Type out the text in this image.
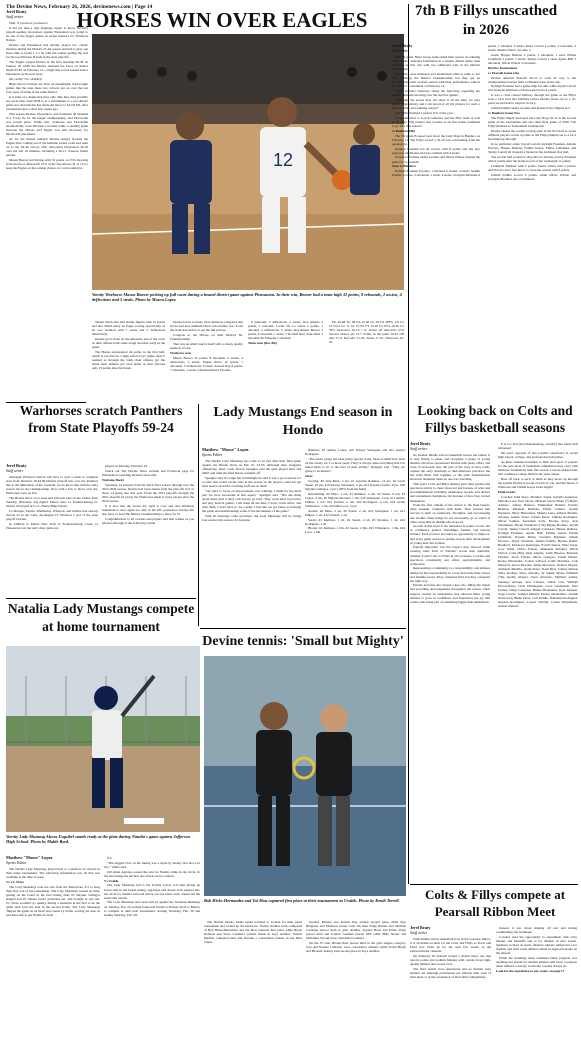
The Devine News, February 26, 2026, devinenews.com | Page 14
HORSES WIN OVER EAGLES
Jerel Beaty
Staff writer

Well, if you know you know!

It did not take a sign language expert to know Devine's playoff-seeding showdown against Pleasanton was going to be one of the bigger games in recent memory for Warhorse Nation.

Devine and Pleasanton had already played two classic matches during the District 27-4A season and had to play one more time to break a 1-1 tie with the winner getting the nod for the top Division II team in the state playoffs.

The Eagles topped Devine in the first matchup 60-58 on January 20 while the Horses returned the favor on Senior Night 63-63 on February 13, a night that crowd treated senior Pleasanton as the next level.

Oh, really? No, oh Riley!

High school rivalries are born on meaningful, hard-fought games like the ones these two schools put on over the last four years of being in the same district.

It is kind of a shame that they only time they may possibly see each other until 2028 is at a tournament or a pre-district game now that Devine has made the move to 3A DI UIL after releasement just a short few weeks ago.

This season Devine, Pleasanton, and Somerset all finished in a 3-way tie for the league championship, and Floresville was fourth place. While that, Somerset and Floresville automatically went Division I bracket while a seeding game between the Horses and Eagles was still necessary for Division II placement.

As for the heated rematch Devine simply flocked the Eagles after coming out of the halftime locker room and went on to the 63-46 victory after outscoring Pleasanton 36-19 over the last 16 minutes, including a 26-11 closeout fourth quarter.

Mason Beaver led Devine with 32 points on 55% shooting from the floor. Mason hit 75% of his free throws (9 of 12) to keep the Eagles on the outside chance of a win looking in.	12
Varsity Warhorse Mason Beaver picking up full court during a heated district game against Pleasanton. In their win, Beaver had a team high 32 points, 8 rebounds, 2 assists, 4 deflections and 3 steals. Photo by Mason Lopez.

Tanner Davis also had double figures with 12 points and also killed many an Eagle scoring opportunity as he was credited with 7 steals and 5 deflections defensively.

Devine got it done on the defensive end of the court as their offense built some tough stretches early in the game.

The Horses surrendered 24 points in the first half, which is not bad for a high school boys' game, then it seemed as through the battle their offense got the better their defense got even better as they allowed only 19 points after the break.

Devine led in so many vital statistical categories that shows just how dominant their win actually was. Scout the team stats below to get the full picture.

Congrats to the Horses on their District 30-Championship!

That was no small task in itself with so many quality teams in 27-4A.

Warhorse stats

Mason Beaver 32 points, 8 rebounds, 2 assists, 4 deflections, 3 steals, Tanner Davis 12 points, 7 rebounds, 5 deflections, 9 steals, Kasson Ray 8 points, 7 rebounds, 1 assist, Christian Rivera 8 points,

6 rebounds, 2 deflections, 2 steals; Jace Alegria 2 points, 1 rebound; Cordis De La Garza 2 points, 1 rebound, 2 deflections, 5 steals; Rey'Annon Beaver 2 points, 2 rebounds, 1 assist, 1 blocked shot; Zane Ortiz 1 rebound; Bo Wheeler 1 rebound.

Team stats (Dev-Ple)

FG 26-68 for 38.2%-15-38 for 39.5% 3PFG 1-8 for 12.5%-3 for 11 for 27.3% FT 13-20 for 65%-10-20 for 50% Turnovers 10-19 = 9; Points off turnovers 27-6 Second chance pts 15-7 Points in the paint 50-22 Off rebs 17-9, Def rebs 15-26, Steals 17-10, Turnovers 10-20.

7th B Fillys unscathed
in 2026
Jerel Beaty
Staff writer

The 7th grade Fillys hoops team ended their season on winning notes as they defeated Jourdanton in a regular district game, then followed up that win with two additional wins in the District Tournament.

The Fillys were unbeaten and undefeated when it came to not only claiming the District Championship, but they got an exclamation point on their season with their performance with in the District Tournament on February 14.

Coach Isabella Gutierrez stated the following regarding her team's dominant showing over the last few games:

"Although the scores may not show it all the time, we play games aggressively and I am proud of all my players for such a hard-working and winning season!"

The Fillys finished a perfect 8-0 on the year.

Congratulations to Coach Gutierrez and her Filly team as well as all other Filly players and coaches as all four teams combined to go 39-1 this season!

vs Bandera Filly

The 7th grade B squad took down the Lady Dogs in Bandera on February 11. The Fillys scored a 32-10 win, rebounding from the opening tip.

Kyleigh Freeman led all scorers with 8 points and she also played good defense and was credited with 4 steals.

Jacelynn Martinez added 6 points and Olivia Wilson cleaned the glass for 5 rebounds.

Stats vs Bandera

Kyleigh Freeman 8 points, 1 rebound, 2 assists, 4 steals; Jazmin Padilla 3 points, 2 rebounds, 1 assist, 4 steals; Jacelynn Martinez 6 points, 1 rebound, 3 steals; Kiera Carroll 4 points, 3 rebounds, 2 steals; Amalia Nuevo 4 points, 2

steals; Harper DeRose 2 points, 3 rebounds, 1 steal; Emma Littlefield 2 points, 2 steals; Tenley Carroll 1 steal; Ayslie Ball 2 rebounds; Olivia Wilson 5 rebounds.

District Tournament

vs Pearsall Game One

Devine defeated Pearsall 26-12 to work its way to the championship bracket final vs Bandera later in the day.

Kyleigh Freeman had a game-high 8 points while Kyrah Carroll and Jacelynn Martinez each knocked down 6 points.

It was a close contest halfway through the game as the Fillys took a 10-6 lead into halftime before Devine broke out to a 16-point second half to reign in victory.

Jazmin Padilla added 4 points and Kassie Pena chipped in 2.

vs Bandera Game Two

The Fillys simply destroyed the Lady Dogs 32-11 in the second game of the tournament and also their final game of 2026. The Fillys finished as Tournament Champions!

Devine shared the wealth scoring-wise in the first half as seven different players scored 2 points as the Fillys jumped out to a 14-3 lead halfway through.

In no particular order, Kyrah Carroll, Kyleigh Freeman, Amalia Navarro, Harper DeRose, Fatima Juarez, Emma Littlefield, and Tenley Carroll all dropped a bucket in the dominant first half.

The second half produced 18 points for Devine, led by Freeman with 9 points after the break as part of her team-high 11 points.

Littlefield finished with 4 points, Juarez ended with 4 points, and Navarro hit a free throw to close her season with 3 points.

Jazmin Padilla scored 2 points, while Olivia Wilson and Jacelynn Martinez also contributed.

Looking back on Colts and Fillys basketball seasons
Jerel Beaty
Staff writer

As another middle school basketball season has ended, it is only fitting to pause and recognize a group of young athletes who have represented Devine with pride, effort, and class. Scoreboards only tell part of the story as they rarely capture the early mornings or mid-afternoon practices, the bus rides filled with laughter, or the quiet determination shown in moments when no one was watching.

This year's Colts and Fillys athletes gave their parents and spectators plenty to cheer about not just because of wins and accomplishments including undefeated records and district and tournament champions, but because of how they carried themselves.

From the first whistle of the season to the final buzzer, these students competed with heart. They learned that success is built on teamwork, discipline, and encouraging one another when things do not necessarily go as which is often, especially in middle school sports.

Growth at this level is not measured in points scored, but in confidence gained, friendships formed, and lessons learned. Each practice provided an opportunity to improve, and every game served as another step in their development as young men and women.

Equally important was the respect they showed while wearing some form of "Devine" across their uniforms, whether it said Colts or Fillys in all occasions. Coaches and spectators consistently saw effort, sportsmanship, and composure.

Representing a community is a responsibility, and athletes embraced that responsibility in a way that made their school and families proud. They competed hard, but they competed the right way.

Parents and fans also played a key role, filling the stands and providing encouragement throughout the season. Their support created an atmosphere that allowed these young athletes to grow in confidence and experience the joy that comes with being part of something bigger than themselves.

It is too bad (and disheartening, actually) that many kids witnessed

the exact opposite of that positive experience in recent high school, college, and professional ball games.

As these students transition to their next sport or prepare for the next level of basketball competition they carry with them the foundations built this season. Lessons learned here will continue to shape them in the years ahead.

Hats off back to each of them as they move up through the system Devine is proud of each of you, and the future of Warhorse and Jazmin hoops looks bright!

Final rosters

Coaches: Kim Stacy, Matthew Saenz, Isabella Gutierrez, Marcelo Leos, Ezra Taylor, Michael Sotelo Filipe (?) Bryler Adriano, Alison Balazos, Emmanuel Bandel, Presley Blanton, Rebekah Bodinne, Emily Cadena, Sophia Espinoza, Riley Hernandez, Makila Luna, Allison Matula-Arteaga, Adalee Perez, Johane Rivas, Lilliana Rodriguez, Oliver Salinas, Savannah Solis, Brooke Stacy, Aria Stentlemen, Brynn Sturdivant (7th) Baylee Bochers, Kyrah Carroll, Tenley Carroll, Abigail Contreras, Harper DeRose, Kyleigh Freeman, Ayslie Hall, Fatima Juarez, Emma Littlefield, Kyrene Mann, Jacelynn Martinez, Amala Navarro, Taylor Newman, Jazmin Padilla, Brynna Rahm-Bradford, Mordecai Rodriguez, Forida Santos, Eliza Tapia, Cory Wells, Olivia Wilson, Makenzie Strickler, Olivia Wilcox Colts (8th) Jalen Alegria, Liam Briseno, Brandon Fancher, Jacob Frazier, Oliver Gongora, Tatum Hebert, Rocky Hernandez, Colton LaFood, Caleb Martinez, Cole Maxwell, Aaron Morales, James Morrison, Jackson Mayne, Armando Murillo, Jaylin Perez, Noah Rios, Johnny Ramon Silva, Rodrigo Silva, Antonio, Ty Stahle, Myles Williams (7th) Jeremy Alegria, Jason Alvarado, Matthew Armas, Santiago Arriaga, Jace Cabrera, Odom Carr, William Elicon-Davis, Chaz Dominguez, Geoe Gloderdale, Ezra Gomez, Diego Gonzalez, Hunter Hernandez, Kyle Johnson, Gage Lawler, Gabriel Madrid, Easton Montellano, Uzziah Nestrovich, Blake Perez, Colt Riddle, Nathaniel Rodriguez, Anyden Rodriguez, Cooper Sinclair, Colten Wiesehulter, Adrian Zamora.

Colts & Fillys compete at Pearsall Ribbon Meet
Jerel Beaty
Staff writer

With middle school basketball now in the rearview mirror, it is all hands-on-deck for the Colts and Fillys as Track and Field now kicks up for the next few weeks on the extracurricular calendar.

On February 20 Pearsall hosted a ribbon meet, one that reports points and podium finishes with certain drops high-quality athletes that scored well.

The final results were announced and no medals were handed out although participants got ribbons after each of their heats or at the conclusion of their field competitions.

Instead, it was about shaking off rust and testing conditioning and technique.

Coaches used the opportunity to experiment with relay lineups and handoffs and to try athletes in new events. Sprinters worked on starts, distance runners settled into race rhythm, and field event athletes dialed in approach marks on the takeoff.

While the standings sheet remained blank progress was anything but absent for student athletes still serve a purpose when utilized correctly, as Devine coaches always do.

Look for the experience to pay count. on page 17

Warhorses scratch Panthers from State Playoffs 59-24
Jerel Beaty
Staff writer

Although Warhorse Nation will have to wait a week or complete stats from Devine's 59-24 Bi-District playoff win over the Panthers due to the limitations of the weekend, we do know that with the early season tip for the championship. Now with a few to move over the, Warhorses were on fire.

The Horses move on to Area and will next take on the winner from Tuesday (February 24) night's Manor New vs Fredericksburg bi-district tilt played at La C. Harris High School.

La Marque, Zapata, Wimberley, Wharton, and Jubilee had already moved on in the Class 4A Region IV Division 2 pod of the state playoff bracket.

In addition to Manor New Tech vs Fredericksburg, Cuero vs Pleasanton was the only other game not

played on Monday, February 24.

Check out The Devine News website and Facebook page for information regarding Devine's Area title.

Welcome Back!

Spanning 14 seasons from the 2012-2013 season through now the 2025-2026 season, Devine had been absent from the playoffs in 9 of those 14 going into this year. From the 2013 playoffs through the 2021 playoffs (9 years) the Warhorses made it every except after the 2016 season.

It is nice that the recent dry spell is over and that Warhorse basketball is once again not only in the UIL postseason bracket but also have or hosts Bi-District Championship to show for it!

Congratulations to all coaches and players and best wishes as you advance through to the following round!

Lady Mustangs End season in Hondo
Matthew "Moose" Lopez
Sports Editor

The Natalia Lady Mustangs has come to an end after their final game against the Hondo Owls on Feb 10, 33-53. Although they struggled offensively, head coach Steven Spangler said the girls played hard and didn't quit until the final buzzer sounded off.

Spangler said it's tough but in hindsight he said it was a good season for a roster that wasn't all the stars in the season, as the players could not get their bond to hold the coaching staff saw in them.

"We tried to focus on improvement over winning. I think for the most part we were successful in that aspect," Spangler said. "The one thing about these girls is they will always go hard. They work hard in practice and play hard in games. I tell them all the time, I don't coach effort, and with them, I don't have to. As a team, I feel like we got better at learning the game and understanding some of the movements of the game."

With all meetings come goodbyes, the Lady Mustangs will be losing four seniors this season: #1 Aryanna

Ramirez, #3 Ashley Lopez, #10 Kassey Velasquez and #22 Alexys Rodriguez.

"The senior group has been pretty special to me. Most of them have been on the varsity for 3 or more years. They've always done everything that I've asked them to do to the best of their ability," Spangler said. "They are going to be missed."

Stats:

Scoring: #0 Jade Mata- 5 pts, #1 Aryanna Ramirez- 10 pts, #2 Leyla Saenz- 10 pts, #10 Kassey Velasquez- 5 pts, #12 Kaylee Urrutia- 9 pts, #20 Selynne Gallegos- 2 pts (100% from the field)

Rebounding: #0 Mata- 1 reb, #1 Ramirez- 4 reb, #2 Saenz- 6 reb, #3 Lopez- 2 reb, #5 Malyria Morales- 1 reb, #10 Velasquez- 2 reb, #11 Amber Pinkus- 1 reb, #12 Urrutia- 2 reb, #22 Rodriguez- 4 reb, #23 Araliz Villanueva- 1 reb, #24 Mia Loca- 3 reb

Assists: #0 Mata- 2 ast, #2 Saenz- 2 ast, #10 Velasquez- 1 ast, #11 Pinkus- 1 ast, #12 Urrutia- 1 ast

Steals: #1 Ramirez- 1 stl, #2 Saenz- 4 stl, #5 Morales- 1 stl, #22 Rodriguez- 2 stl

Blocks: #1 Ramirez- 1 blk, #2 Saenz- 2 blk, #23 Villanueva- 1 blk, #24 Loca- 1 blk

Natalia Lady Mustangs compete at home tournament
Varsity Lady Mustang Alyssa Esquibel stands ready at the plate during Natalia's game against Jefferson High School. Photo by Mable Byrd.
Matthew "Moose" Lopez
Sports Editor

The Natalia Lady Mustangs played host to a plethora of schools in their latest tournament. The following information was all that was available at the time of press.

Vs CC Wave

The Lady Mustangs took the win from the Mavericks, 8-5 to snag their first win of the tournament. The Lady Mustangs wasted no time, getting on the board in the first inning after #3 Selynne Gallegos singled and #5 Liliana Garza grounded out, and brought in one run. CC Wave wouldn't go quietly, hitting a homerun in the first to tie the game then took the lead in the second frame. The Lady Mustangs 'flipped the game on its head' and counts by Zetlla, scoring six runs on just three hits to put Natalia in front

8-5.

"The biggest blow in the inning was a triple by Kenzy that drove in two," Zetlla said.

#10 Alani Agranga earned the win for Natalia while in the circle. In the one inning she pitched, she struck out two batters.

Vs Uvalde

The Lady Mustangs fell to the Uvalde Lobos, 0-8 after giving up seven runs in the fourth inning. Agranaga and Juarez both stepped into the circle for Natalia and both struck out one batter each. Juarez led the team with one hit.

The Lady Mustangs next bout will be against the Somerset Bulldogs on Tuesday, Feb. 24 on their home turf Natalia will then travel to Blanco to compete in their next tournament, starting Thursday, Feb. 26 and ending Saturday, Feb. 28.

Devine tennis: 'Small but Mighty'
Bob Hicks-Hernandez and Tai Mou captured first place at their tournament in Uvalde. Photo by Kendi Terrell.

The Devine Varsity tennis squad traveled to Uvalde for their latest tournament and racked up the hardware. Varsity doubles team composed of Bob Hicks-Hernandez and Tai Mou captured first place while Bryan Robison and Steve Caballero earned fourth in boys doubles. Valeria Medina competed hard and became a consolation winner in the third round.

Greeley Malone and Kenzie Ray earned second place while Kya Burgreen and Madison Gettes took 5th then Paige Barnes and Melanie Cardenas placed sixth in girls doubles. Zayden Hairs and Ethan Tidey placed third and Connor Guzman placed fifth while Billy Strater and McKinlee Stovall were consolation winners.

On the JV side, Bronte Ruiz placed third in the girls singles category. Jose and Kamen Camacho were consolation winners while Nolan Brady and Phoenix Stanley took second place in boys doubles.
